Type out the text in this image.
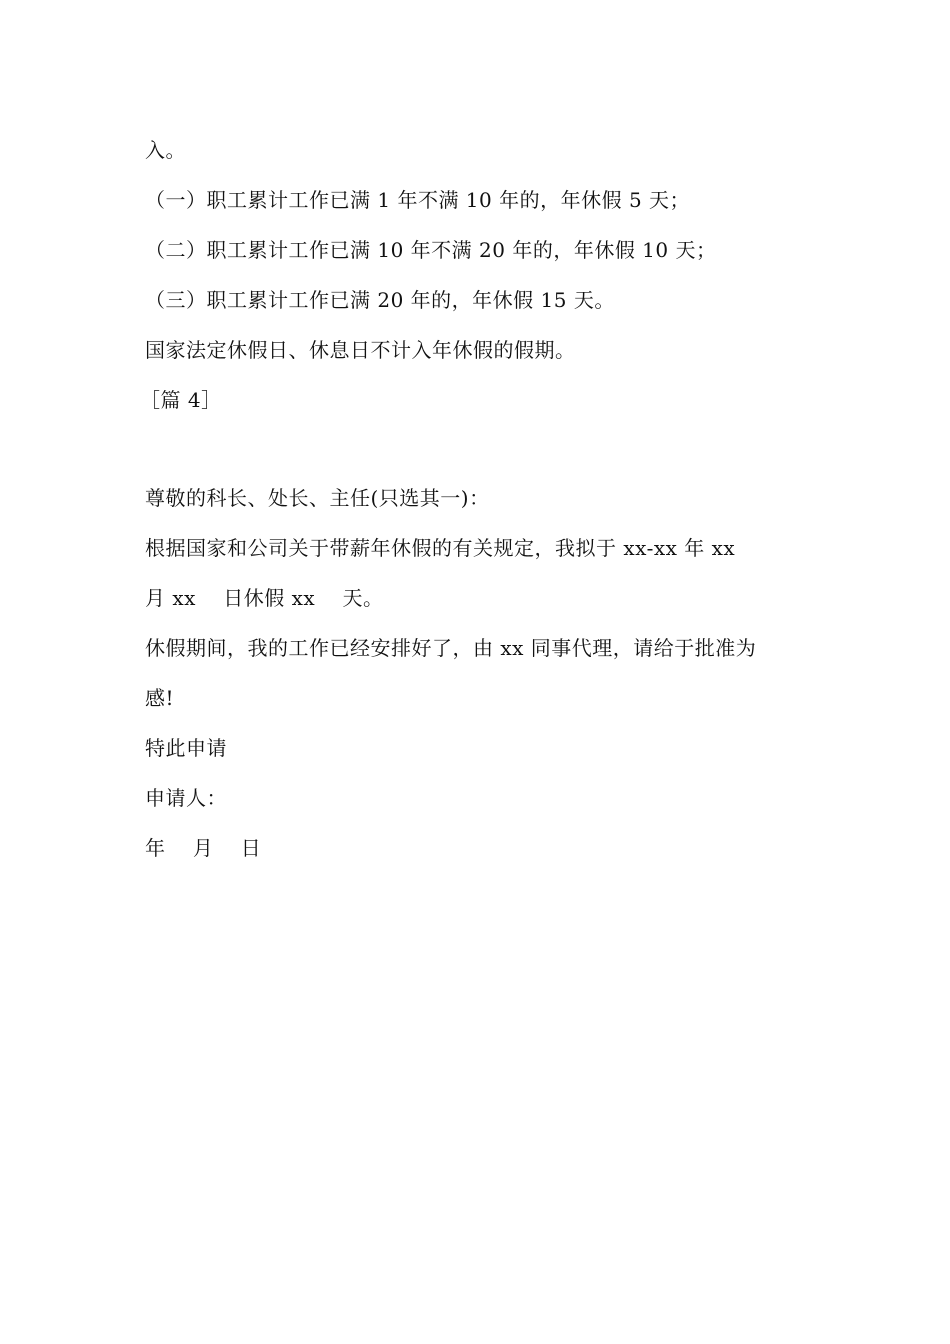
入。
（一）职工累计工作已满 1 年不满 10 年的，年休假 5 天；
（二）职工累计工作已满 10 年不满 20 年的，年休假 10 天；
（三）职工累计工作已满 20 年的，年休假 15 天。
国家法定休假日、休息日不计入年休假的假期。
［篇 4］
尊敬的科长、处长、主任(只选其一)：
根据国家和公司关于带薪年休假的有关规定，我拟于 xx-xx 年 xx
月 xx　 日休假 xx　 天。
休假期间，我的工作已经安排好了，由 xx 同事代理，请给于批准为
感!
特此申请
申请人：
年　 月　 日
